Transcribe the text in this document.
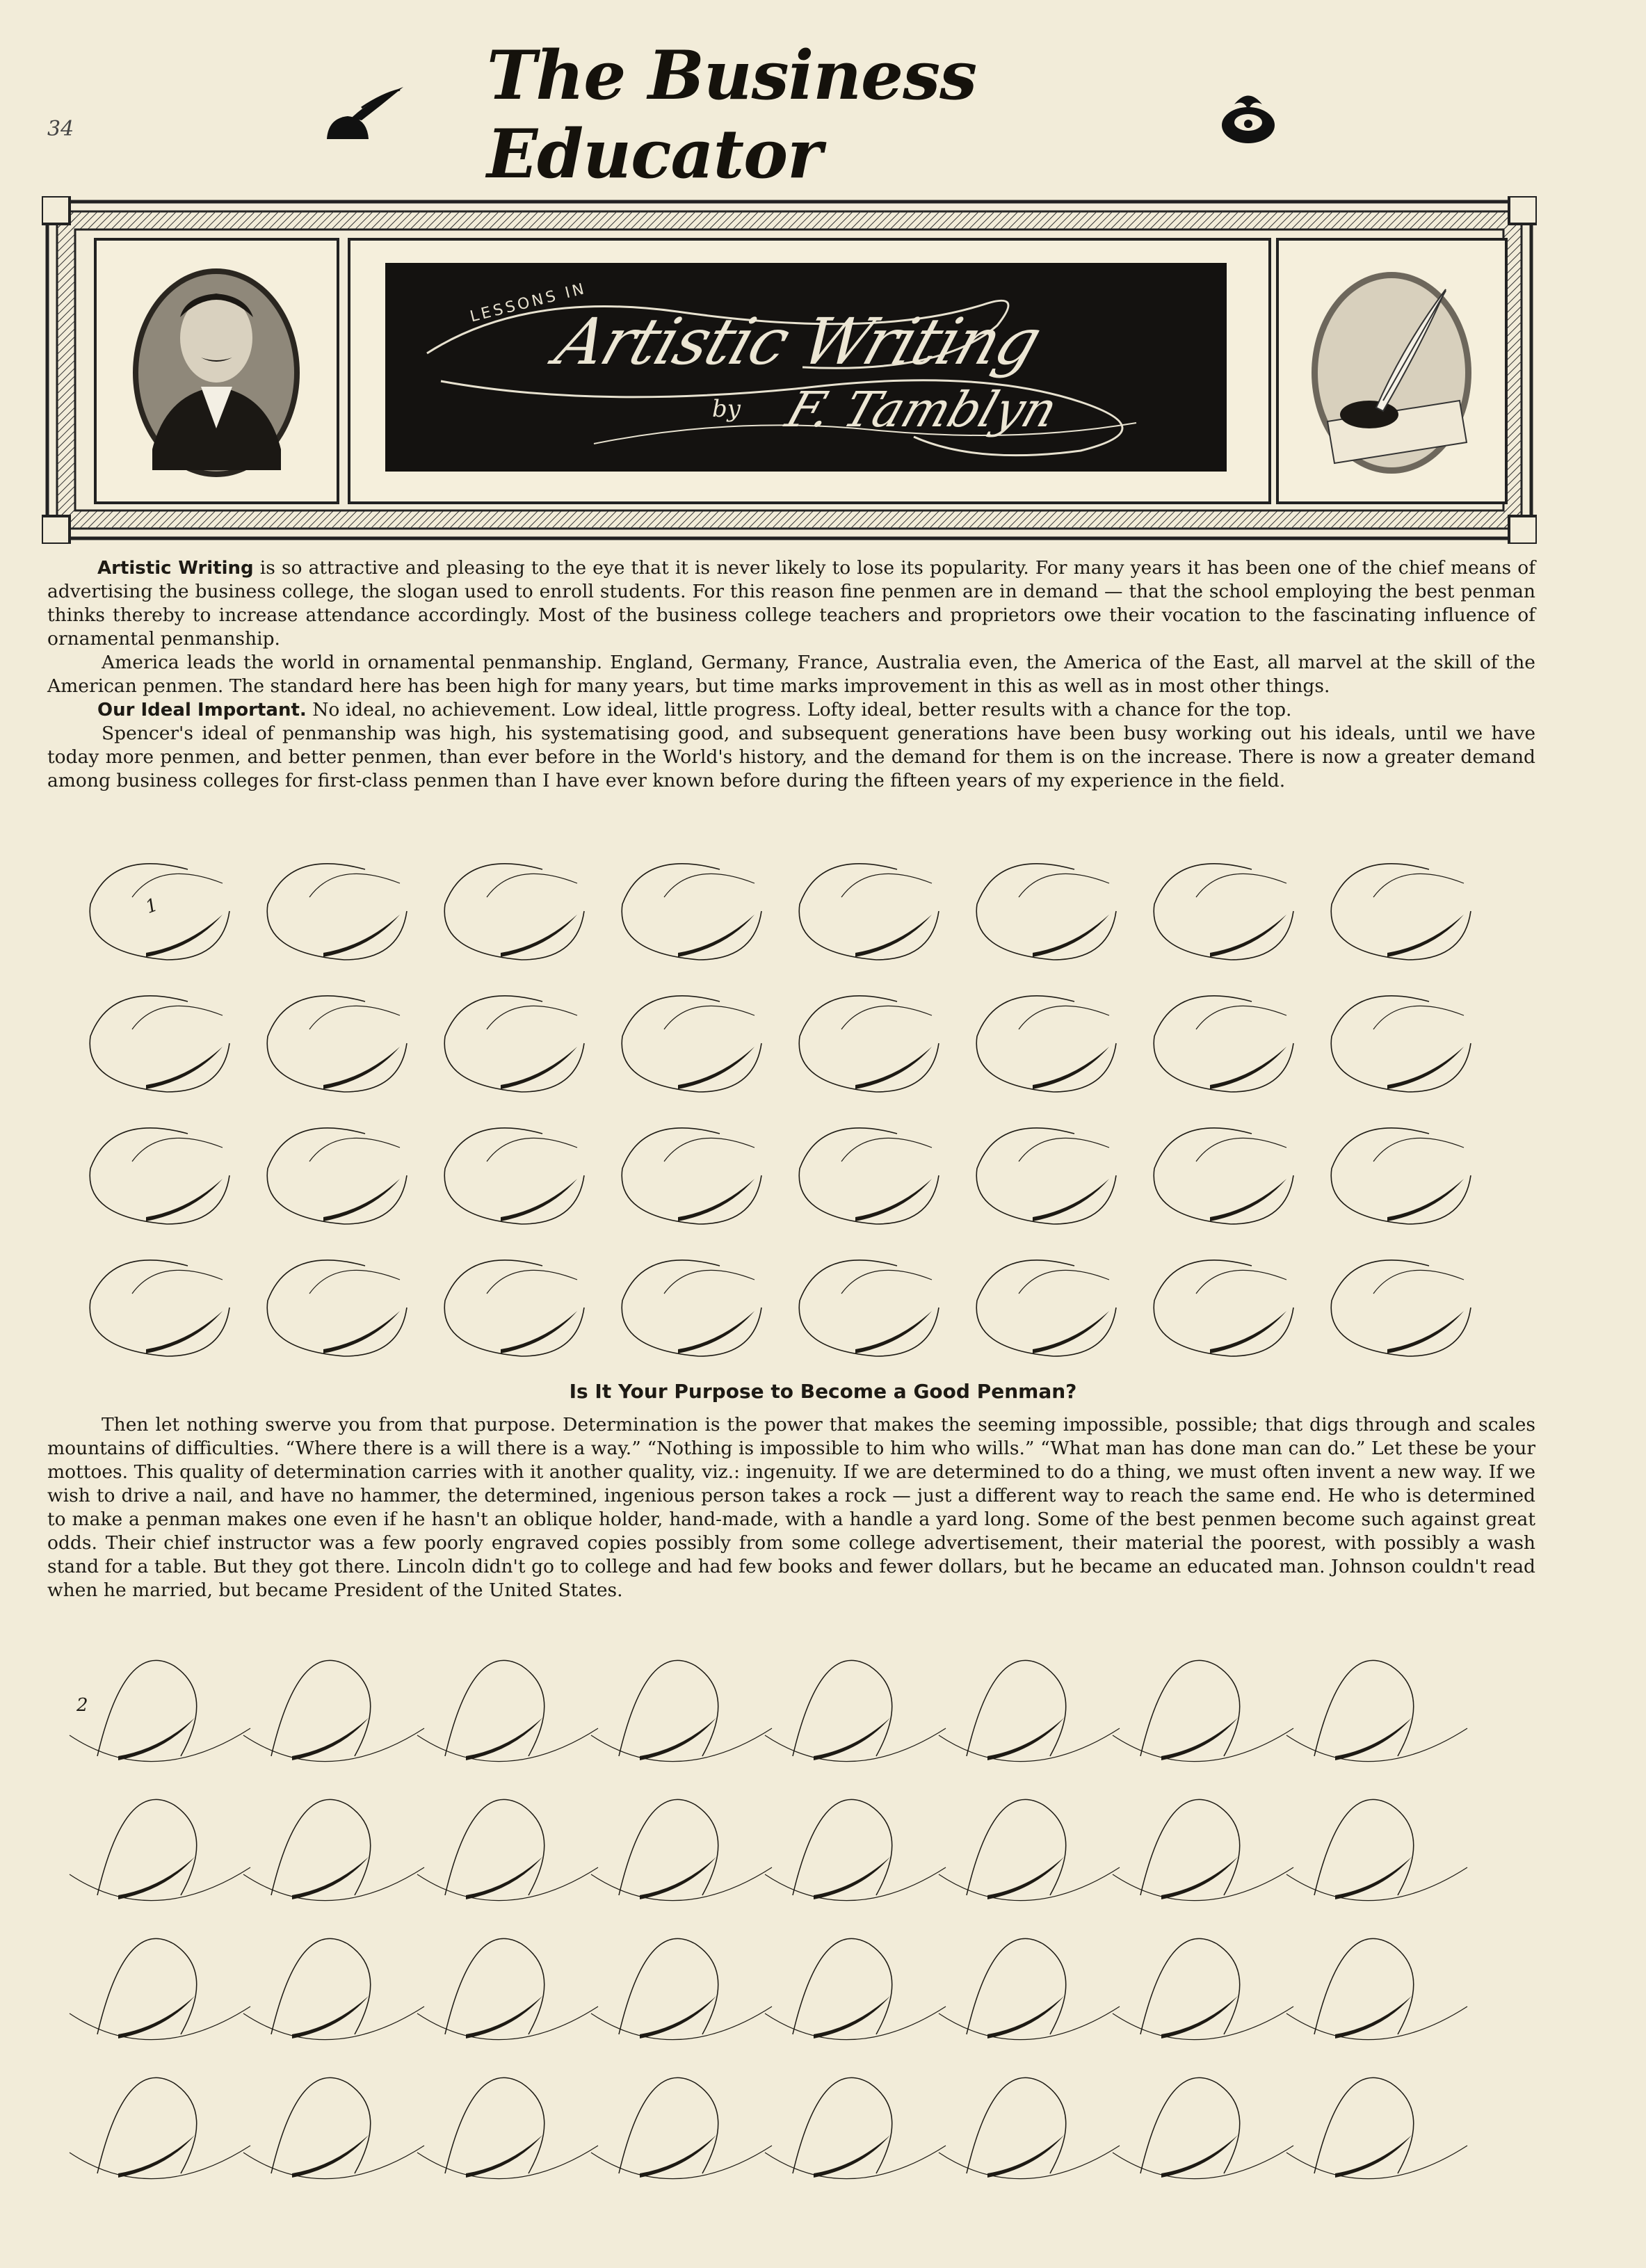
34
The Business Educator
LESSONS IN
Artistic Writing
by F. Tamblyn

Artistic Writing is so attractive and pleasing to the eye that it is never likely to lose its popularity. For many years it has been one of the chief means of advertising the business college, the slogan used to enroll students. For this reason fine penmen are in demand — that the school employing the best penman thinks thereby to increase attendance accordingly. Most of the business college teachers and proprietors owe their vocation to the fascinating influence of ornamental penmanship.

America leads the world in ornamental penmanship. England, Germany, France, Australia even, the America of the East, all marvel at the skill of the American penmen. The standard here has been high for many years, but time marks improvement in this as well as in most other things.

Our Ideal Important. No ideal, no achievement. Low ideal, little progress. Lofty ideal, better results with a chance for the top.

Spencer's ideal of penmanship was high, his systematising good, and subsequent generations have been busy working out his ideals, until we have today more penmen, and better penmen, than ever before in the World's history, and the demand for them is on the increase. There is now a greater demand among business colleges for first-class penmen than I have ever known before during the fifteen years of my experience in the field.

1
Is It Your Purpose to Become a Good Penman?

Then let nothing swerve you from that purpose. Determination is the power that makes the seeming impossible, possible; that digs through and scales mountains of difficulties. “Where there is a will there is a way.” “Nothing is impossible to him who wills.” “What man has done man can do.” Let these be your mottoes. This quality of determination carries with it another quality, viz.: ingenuity. If we are determined to do a thing, we must often invent a new way. If we wish to drive a nail, and have no hammer, the determined, ingenious person takes a rock — just a different way to reach the same end. He who is determined to make a penman makes one even if he hasn't an oblique holder, hand-made, with a handle a yard long. Some of the best penmen become such against great odds. Their chief instructor was a few poorly engraved copies possibly from some college advertisement, their material the poorest, with possibly a wash stand for a table. But they got there. Lincoln didn't go to college and had few books and fewer dollars, but he became an educated man. Johnson couldn't read when he married, but became President of the United States.

2
